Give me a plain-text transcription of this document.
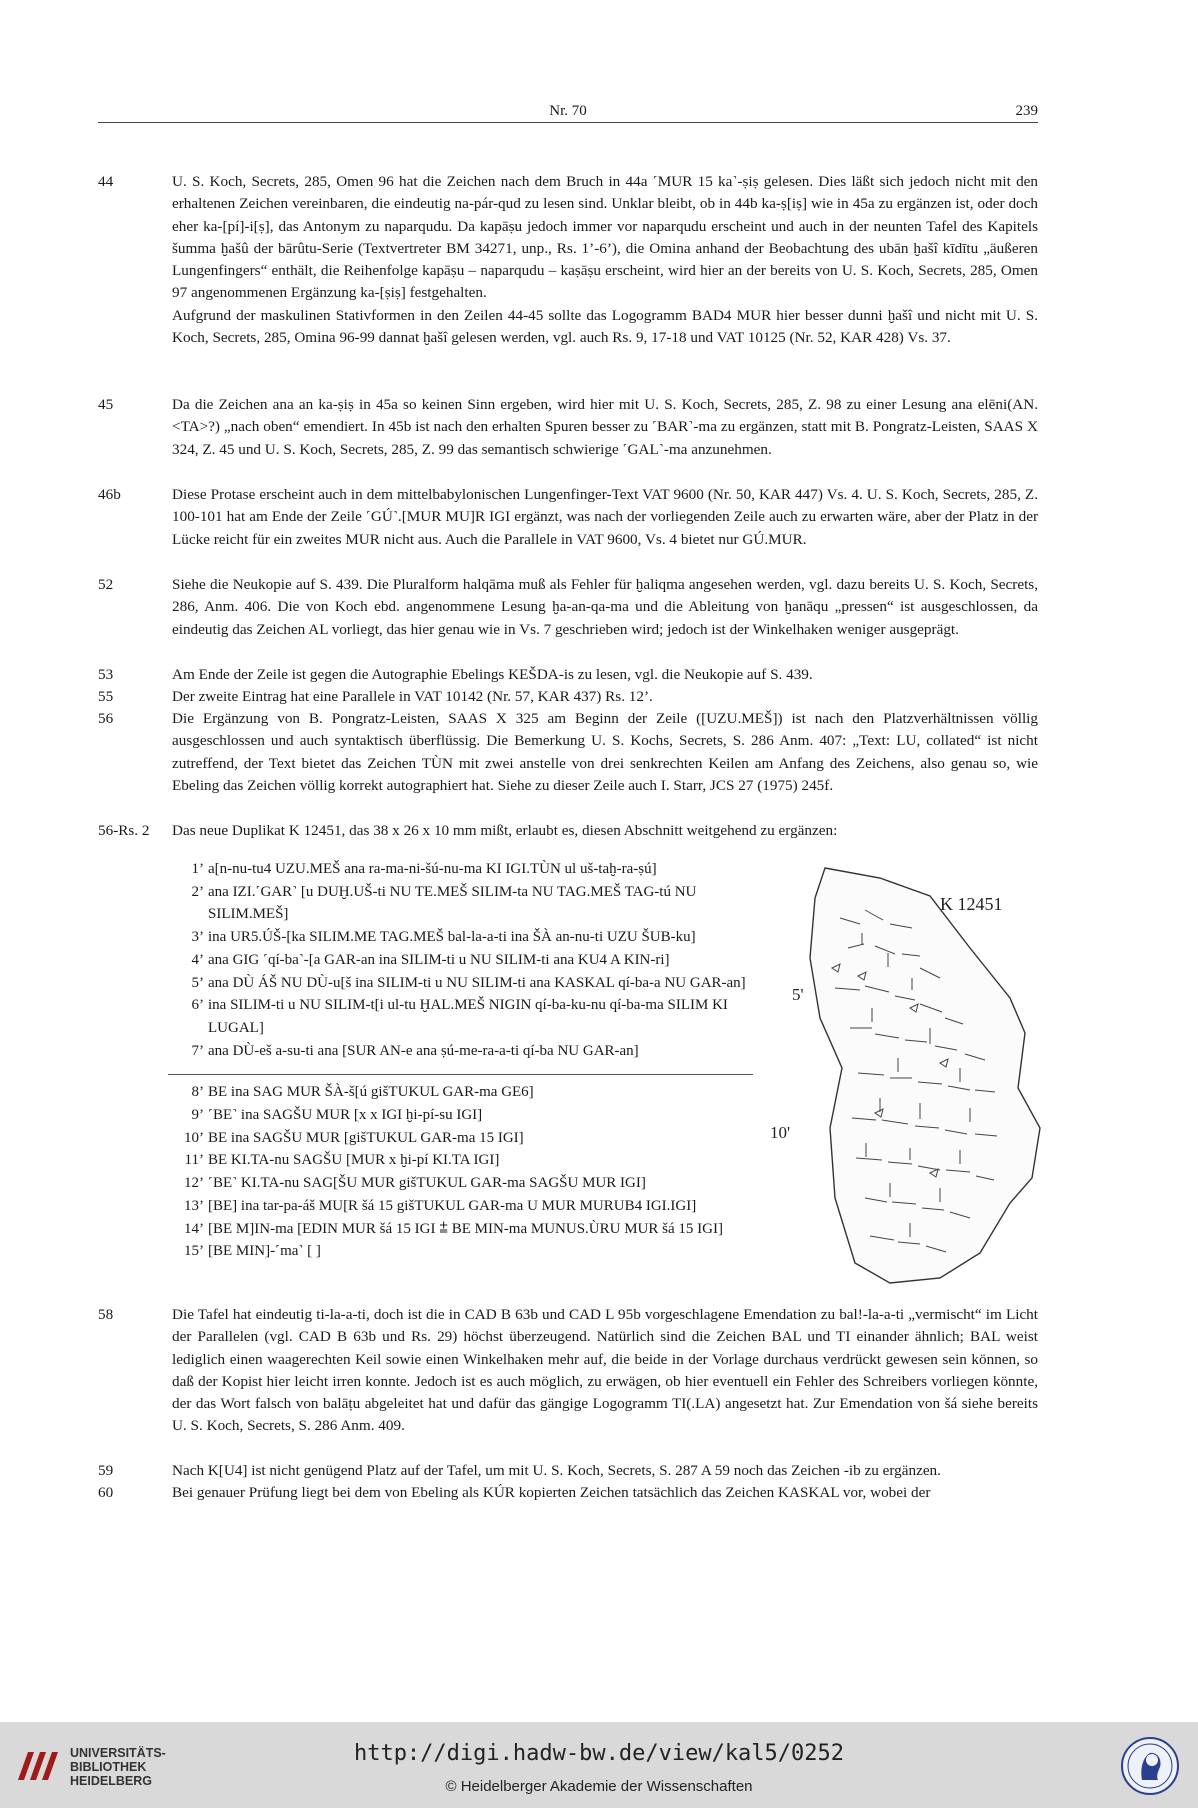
Nr. 70	239
44	U. S. Koch, Secrets, 285, Omen 96 hat die Zeichen nach dem Bruch in 44a ˹MUR 15 ka˺-ṣiṣ gelesen. Dies läßt sich jedoch nicht mit den erhaltenen Zeichen vereinbaren, die eindeutig na-pár-qud zu lesen sind. Unklar bleibt, ob in 44b ka-ṣ[iṣ] wie in 45a zu ergänzen ist, oder doch eher ka-[pí]-i[ṣ], das Antonym zu naparqudu. Da kapāṣu jedoch immer vor naparqudu erscheint und auch in der neunten Tafel des Kapitels šumma ḫašû der bārûtu-Serie (Textvertreter BM 34271, unp., Rs. 1’-6’), die Omina anhand der Beobachtung des ubān ḫašî kīdītu „äußeren Lungenfingers“ enthält, die Reihenfolge kapāṣu – naparqudu – kaṣāṣu erscheint, wird hier an der bereits von U. S. Koch, Secrets, 285, Omen 97 angenommenen Ergänzung ka-[ṣiṣ] festgehalten.

Aufgrund der maskulinen Stativformen in den Zeilen 44-45 sollte das Logogramm BAD4 MUR hier besser dunni ḫašî und nicht mit U. S. Koch, Secrets, 285, Omina 96-99 dannat ḫašî gelesen werden, vgl. auch Rs. 9, 17-18 und VAT 10125 (Nr. 52, KAR 428) Vs. 37.

45	Da die Zeichen ana an ka-ṣiṣ in 45a so keinen Sinn ergeben, wird hier mit U. S. Koch, Secrets, 285, Z. 98 zu einer Lesung ana elēni(AN.<TA>?) „nach oben“ emendiert. In 45b ist nach den erhalten Spuren besser zu ˹BAR˺-ma zu ergänzen, statt mit B. Pongratz-Leisten, SAAS X 324, Z. 45 und U. S. Koch, Secrets, 285, Z. 99 das semantisch schwierige ˹GAL˺-ma anzunehmen.

46b	Diese Protase erscheint auch in dem mittelbabylonischen Lungenfinger-Text VAT 9600 (Nr. 50, KAR 447) Vs. 4. U. S. Koch, Secrets, 285, Z. 100-101 hat am Ende der Zeile ˹GÚ˺.[MUR MU]R IGI ergänzt, was nach der vorliegenden Zeile auch zu erwarten wäre, aber der Platz in der Lücke reicht für ein zweites MUR nicht aus. Auch die Parallele in VAT 9600, Vs. 4 bietet nur GÚ.MUR.

52	Siehe die Neukopie auf S. 439. Die Pluralform halqāma muß als Fehler für ḫaliqma angesehen werden, vgl. dazu bereits U. S. Koch, Secrets, 286, Anm. 406. Die von Koch ebd. angenommene Lesung ḫa-an-qa-ma und die Ableitung von ḫanāqu „pressen“ ist ausgeschlossen, da eindeutig das Zeichen AL vorliegt, das hier genau wie in Vs. 7 geschrieben wird; jedoch ist der Winkelhaken weniger ausgeprägt.

53	Am Ende der Zeile ist gegen die Autographie Ebelings KEŠDA-is zu lesen, vgl. die Neukopie auf S. 439.

55	Der zweite Eintrag hat eine Parallele in VAT 10142 (Nr. 57, KAR 437) Rs. 12’.

56	Die Ergänzung von B. Pongratz-Leisten, SAAS X 325 am Beginn der Zeile ([UZU.MEŠ]) ist nach den Platzverhältnissen völlig ausgeschlossen und auch syntaktisch überflüssig. Die Bemerkung U. S. Kochs, Secrets, S. 286 Anm. 407: „Text: LU, collated“ ist nicht zutreffend, der Text bietet das Zeichen TÙN mit zwei anstelle von drei senkrechten Keilen am Anfang des Zeichens, also genau so, wie Ebeling das Zeichen völlig korrekt autographiert hat. Siehe zu dieser Zeile auch I. Starr, JCS 27 (1975) 245f.

56-Rs. 2	Das neue Duplikat K 12451, das 38 x 26 x 10 mm mißt, erlaubt es, diesen Abschnitt weitgehend zu ergänzen:

1’ a[n-nu-tu4 UZU.MEŠ ana ra-ma-ni-šú-nu-ma KI IGI.TÙN ul uš-taḫ-ra-ṣú]
2’ ana IZI.˹GAR˺ [u DUḪ.UŠ-ti NU TE.MEŠ SILIM-ta NU TAG.MEŠ TAG-tú NU SILIM.MEŠ]
3’ ina UR5.ÚŠ-[ka SILIM.ME TAG.MEŠ bal-la-a-ti ina ŠÀ an-nu-ti UZU ŠUB-ku]
4’ ana GIG ˹qí-ba˺-[a GAR-an ina SILIM-ti u NU SILIM-ti ana KU4 A KIN-ri]
5’ ana DÙ ÁŠ NU DÙ-u[š ina SILIM-ti u NU SILIM-ti ana KASKAL qí-ba-a NU GAR-an]
6’ ina SILIM-ti u NU SILIM-t[i ul-tu ḪAL.MEŠ NIGIN qí-ba-ku-nu qí-ba-ma SILIM KI LUGAL]
7’ ana DÙ-eš a-su-ti ana [SUR AN-e ana ṣú-me-ra-a-ti qí-ba NU GAR-an]
8’ BE ina SAG MUR ŠÀ-š[ú gišTUKUL GAR-ma GE6]
9’ ˹BE˺ ina SAGŠU MUR [x x IGI ḫi-pí-su IGI]
10’ BE ina SAGŠU MUR [gišTUKUL GAR-ma 15 IGI]
11’ BE KI.TA-nu SAGŠU [MUR x ḫi-pí KI.TA IGI]
12’ ˹BE˺ KI.TA-nu SAG[ŠU MUR gišTUKUL GAR-ma SAGŠU MUR IGI]
13’ [BE] ina tar-pa-áš MU[R šá 15 gišTUKUL GAR-ma U MUR MURUB4 IGI.IGI]
14’ [BE M]IN-ma [EDIN MUR šá 15 IGI ⩲ BE MIN-ma MUNUS.ÙRU MUR šá 15 IGI]
15’ [BE MIN]-˹ma˺ [ ]
K 12451
5'
10'
58	Die Tafel hat eindeutig ti-la-a-ti, doch ist die in CAD B 63b und CAD L 95b vorgeschlagene Emendation zu bal!-la-a-ti „vermischt“ im Licht der Parallelen (vgl. CAD B 63b und Rs. 29) höchst überzeugend. Natürlich sind die Zeichen BAL und TI einander ähnlich; BAL weist lediglich einen waagerechten Keil sowie einen Winkelhaken mehr auf, die beide in der Vorlage durchaus verdrückt gewesen sein können, so daß der Kopist hier leicht irren konnte. Jedoch ist es auch möglich, zu erwägen, ob hier eventuell ein Fehler des Schreibers vorliegen könnte, der das Wort falsch von balāṭu abgeleitet hat und dafür das gängige Logogramm TI(.LA) angesetzt hat. Zur Emendation von šá siehe bereits U. S. Koch, Secrets, S. 286 Anm. 409.

59	Nach K[U4] ist nicht genügend Platz auf der Tafel, um mit U. S. Koch, Secrets, S. 287 A 59 noch das Zeichen -ib zu ergänzen.

60	Bei genauer Prüfung liegt bei dem von Ebeling als KÚR kopierten Zeichen tatsächlich das Zeichen KASKAL vor, wobei der

UNIVERSITÄTS-
BIBLIOTHEK
HEIDELBERG
http://digi.hadw-bw.de/view/kal5/0252
© Heidelberger Akademie der Wissenschaften
